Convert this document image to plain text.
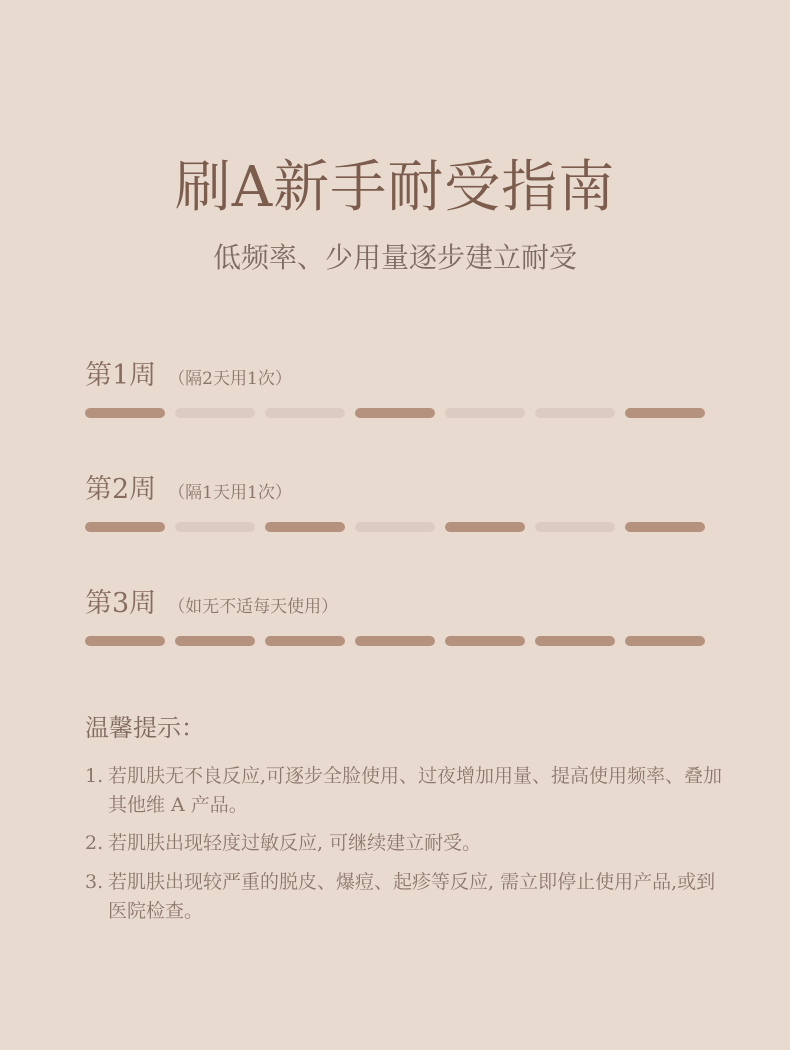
刷A新手耐受指南
低频率、少用量逐步建立耐受
第1周 （隔2天用1次）
第2周 （隔1天用1次）
第3周 （如无不适每天使用）
温馨提示：
1. 若肌肤无不良反应,可逐步全脸使用、过夜增加用量、提高使用频率、叠加其他维 A 产品。
2. 若肌肤出现轻度过敏反应, 可继续建立耐受。
3. 若肌肤出现较严重的脱皮、爆痘、起疹等反应, 需立即停止使用产品,或到医院检查。
